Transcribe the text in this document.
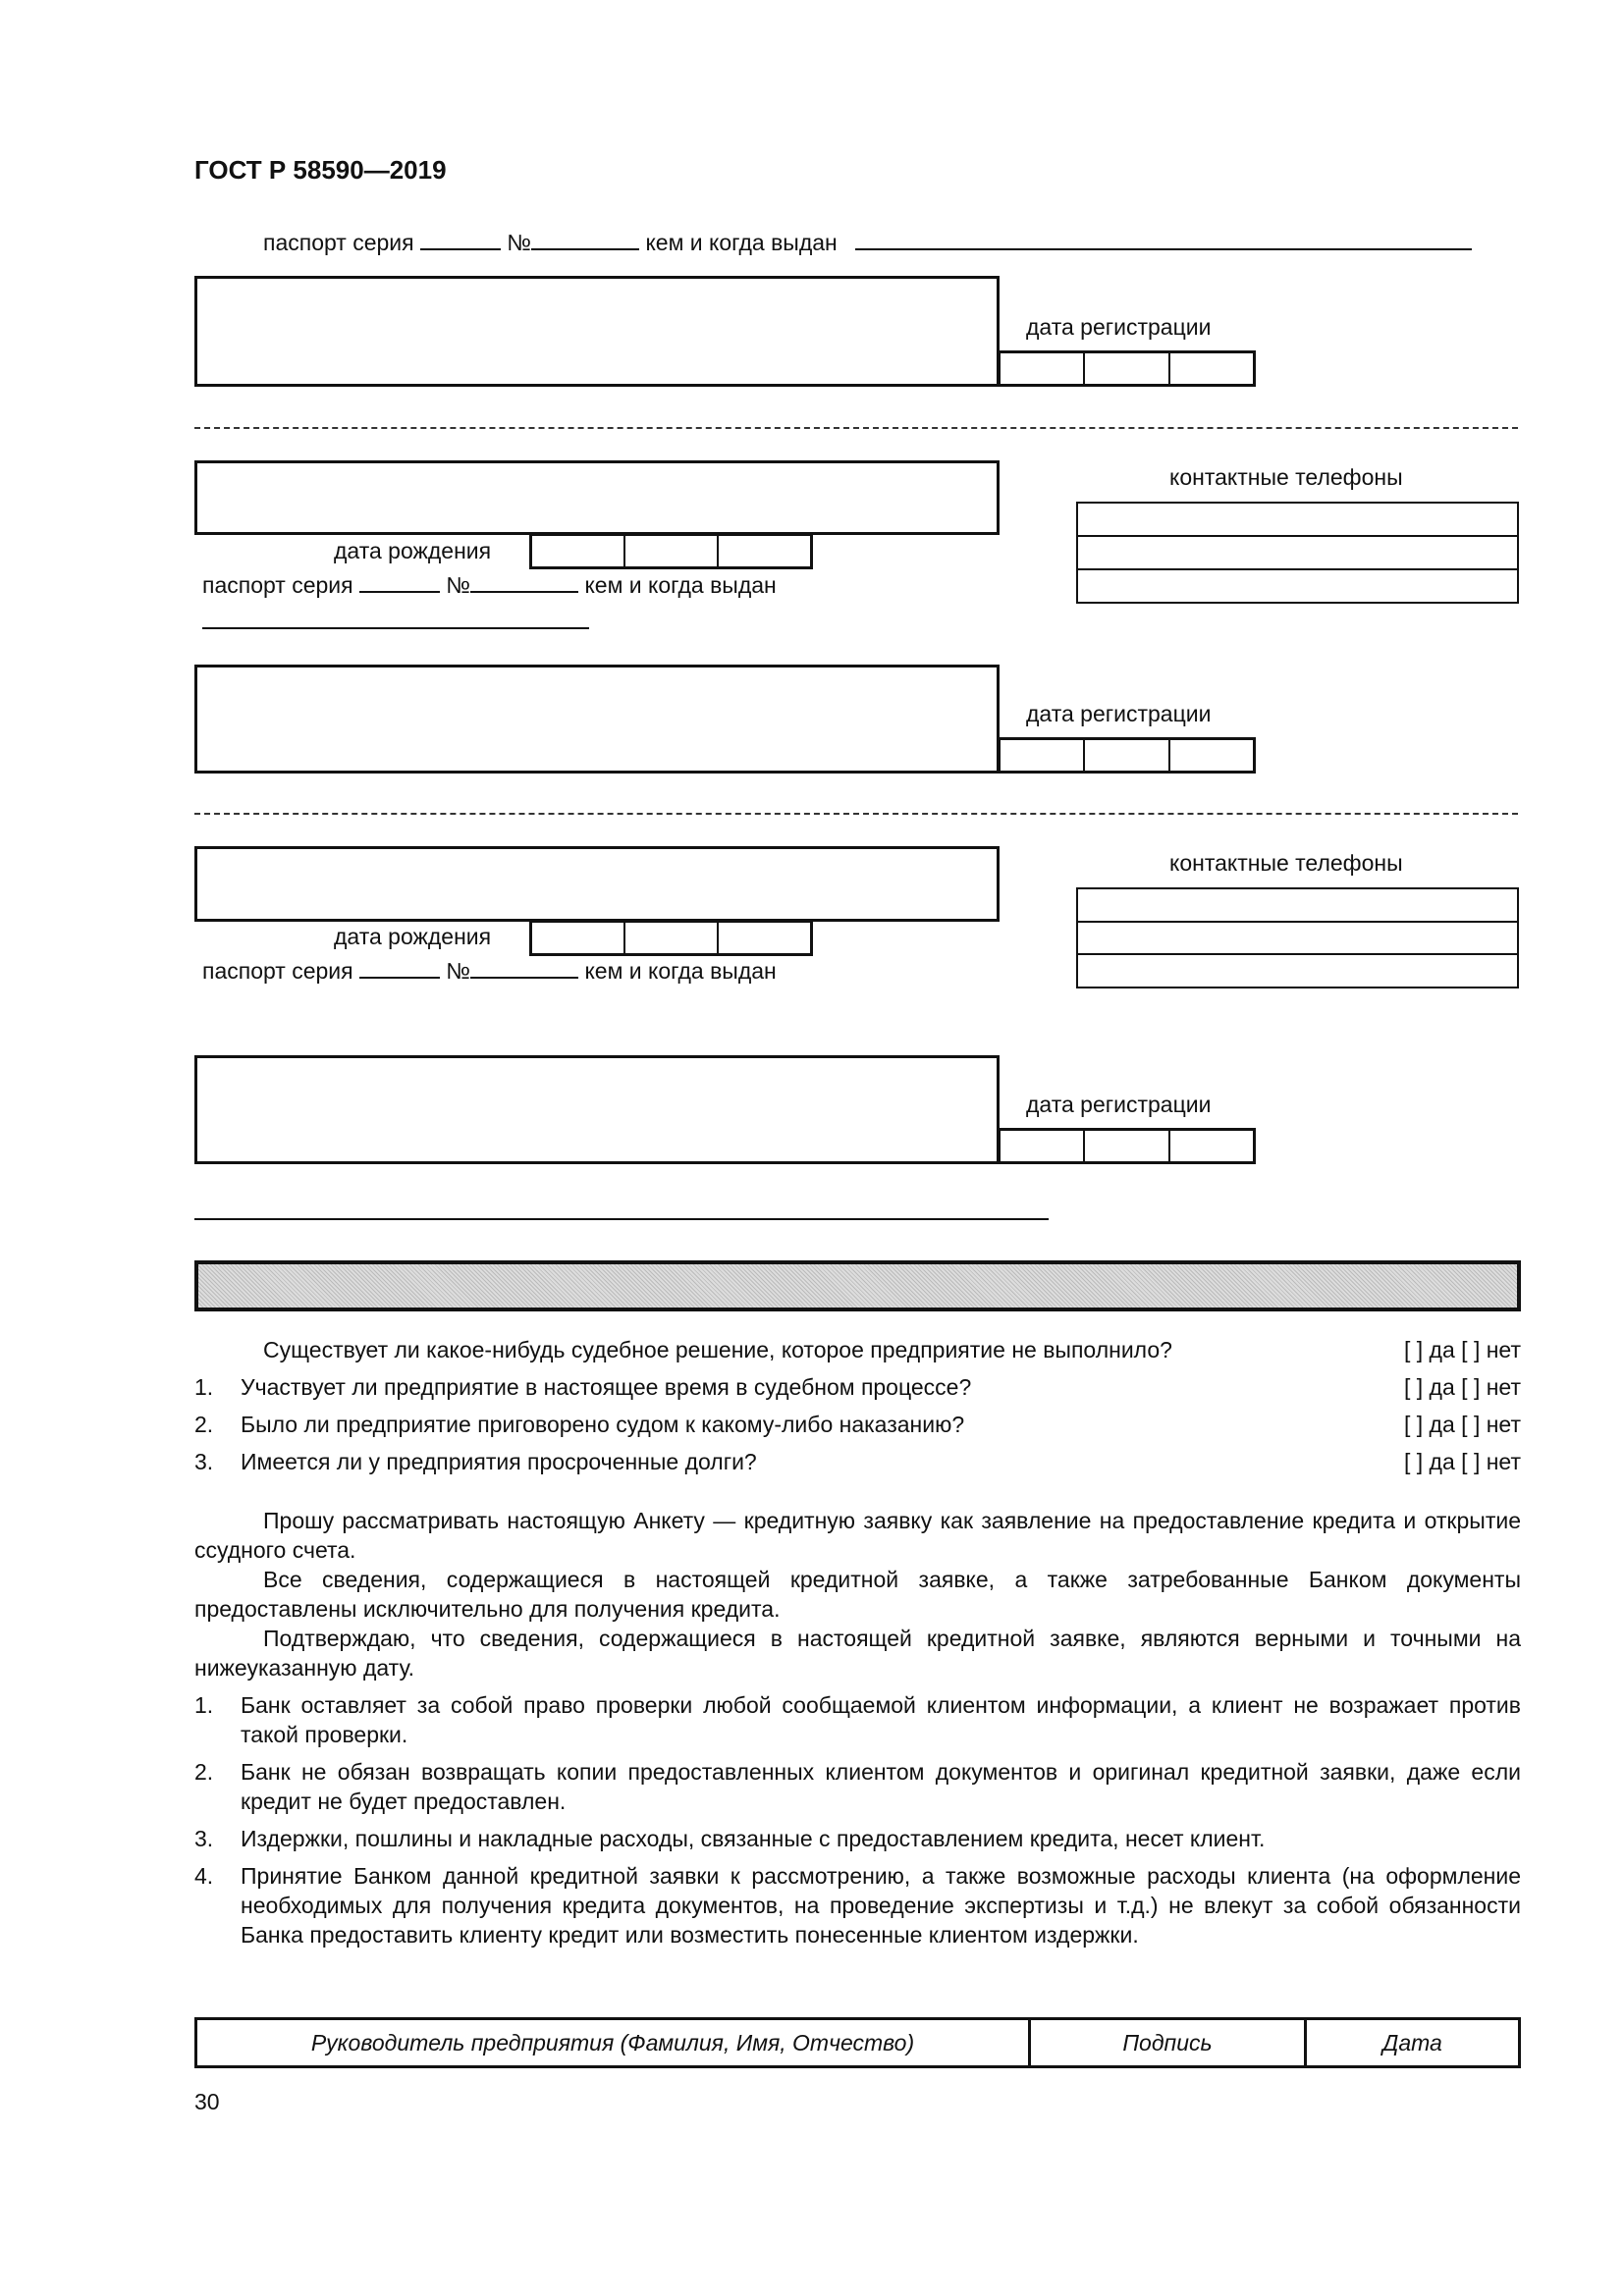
ГОСТ Р 58590—2019
паспорт серия	№	кем и когда выдан
дата регистрации
контактные телефоны
дата рождения
паспорт серия	№	кем и когда выдан
дата регистрации
контактные телефоны
дата рождения
паспорт серия	№	кем и когда выдан
дата регистрации
Существует ли какое-нибудь судебное решение, которое предприятие не выполнило?	[ ] да [ ] нет
1.	Участвует ли предприятие в настоящее время в судебном процессе?	[ ] да [ ] нет
2.	Было ли предприятие приговорено судом к какому-либо наказанию?	[ ] да [ ] нет
3.	Имеется ли у предприятия просроченные долги?	[ ] да [ ] нет

Прошу рассматривать настоящую Анкету — кредитную заявку как заявление на предоставление кредита и открытие ссудного счета.

Все сведения, содержащиеся в настоящей кредитной заявке, а также затребованные Банком документы предоставлены исключительно для получения кредита.

Подтверждаю, что сведения, содержащиеся в настоящей кредитной заявке, являются верными и точными на нижеуказанную дату.

1.	Банк оставляет за собой право проверки любой сообщаемой клиентом информации, а клиент не возражает против такой проверки.
2.	Банк не обязан возвращать копии предоставленных клиентом документов и оригинал кредитной заявки, даже если кредит не будет предоставлен.
3.	Издержки, пошлины и накладные расходы, связанные с предоставлением кредита, несет клиент.
4.	Принятие Банком данной кредитной заявки к рассмотрению, а также возможные расходы клиента (на оформление необходимых для получения кредита документов, на проведение экспертизы и т.д.) не влекут за собой обязанности Банка предоставить клиенту кредит или возместить понесенные клиентом издержки.
Руководитель предприятия (Фамилия, Имя, Отчество)	Подпись	Дата
30
